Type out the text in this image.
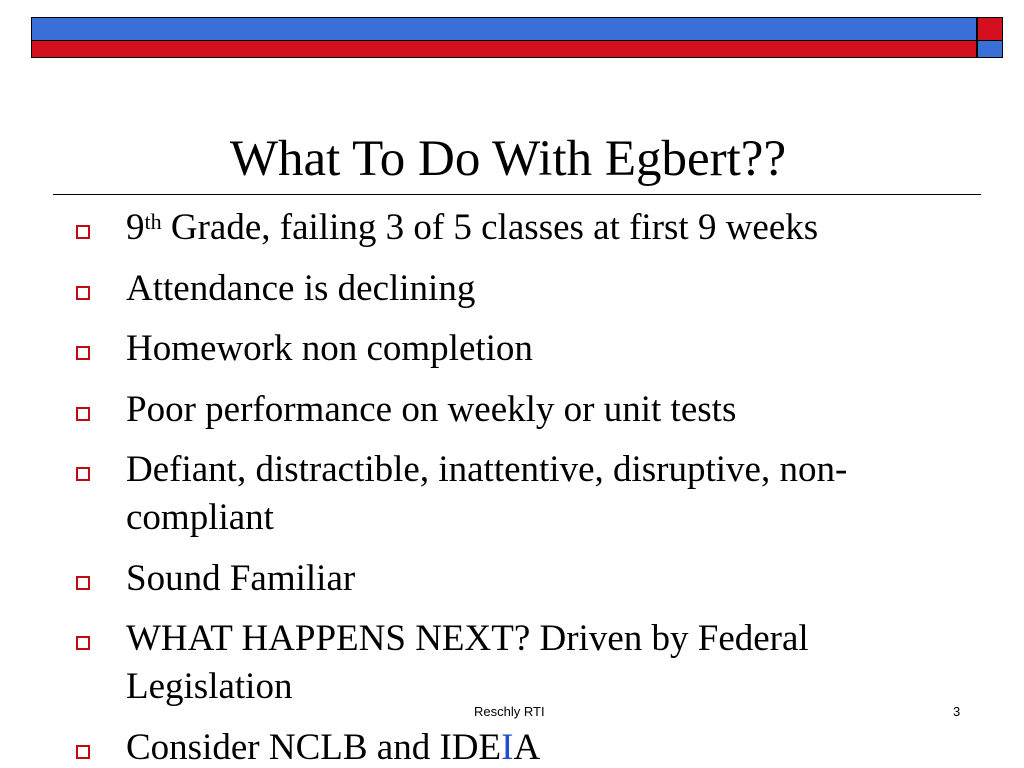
What To Do With Egbert??
9th Grade, failing 3 of 5 classes at first 9 weeks
Attendance is declining
Homework non completion
Poor performance on weekly or unit tests
Defiant, distractible, inattentive, disruptive, non-compliant
Sound Familiar
WHAT HAPPENS NEXT? Driven by Federal Legislation
Consider NCLB and IDEIA
Reschly RTI	3
